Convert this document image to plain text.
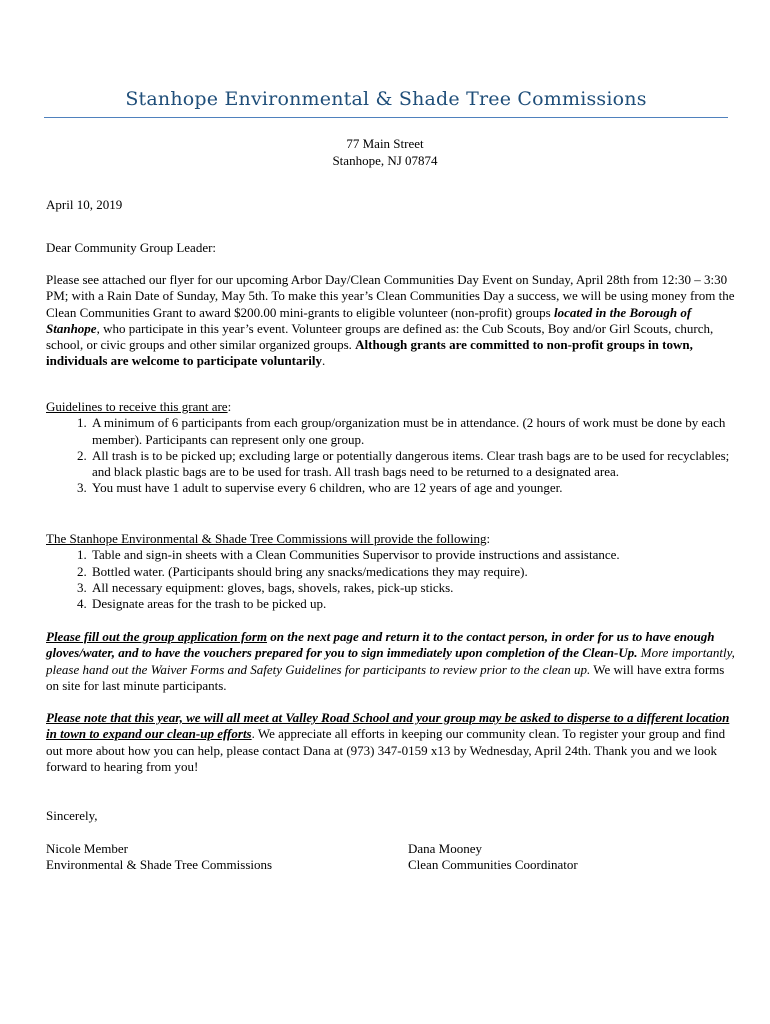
Stanhope Environmental & Shade Tree Commissions
77 Main Street
Stanhope, NJ 07874
April 10, 2019
Dear Community Group Leader:

Please see attached our flyer for our upcoming Arbor Day/Clean Communities Day Event on Sunday, April 28th from 12:30 – 3:30 PM; with a Rain Date of Sunday, May 5th. To make this year’s Clean Communities Day a success, we will be using money from the Clean Communities Grant to award $200.00 mini-grants to eligible volunteer (non-profit) groups located in the Borough of Stanhope, who participate in this year’s event. Volunteer groups are defined as: the Cub Scouts, Boy and/or Girl Scouts, church, school, or civic groups and other similar organized groups. Although grants are committed to non-profit groups in town, individuals are welcome to participate voluntarily.

Guidelines to receive this grant are:
1. A minimum of 6 participants from each group/organization must be in attendance. (2 hours of work must be done by each member). Participants can represent only one group.
2. All trash is to be picked up; excluding large or potentially dangerous items. Clear trash bags are to be used for recyclables; and black plastic bags are to be used for trash. All trash bags need to be returned to a designated area.
3. You must have 1 adult to supervise every 6 children, who are 12 years of age and younger.
The Stanhope Environmental & Shade Tree Commissions will provide the following:
1. Table and sign-in sheets with a Clean Communities Supervisor to provide instructions and assistance.
2. Bottled water. (Participants should bring any snacks/medications they may require).
3. All necessary equipment: gloves, bags, shovels, rakes, pick-up sticks.
4. Designate areas for the trash to be picked up.

Please fill out the group application form on the next page and return it to the contact person, in order for us to have enough gloves/water, and to have the vouchers prepared for you to sign immediately upon completion of the Clean-Up. More importantly, please hand out the Waiver Forms and Safety Guidelines for participants to review prior to the clean up. We will have extra forms on site for last minute participants.

Please note that this year, we will all meet at Valley Road School and your group may be asked to disperse to a different location in town to expand our clean-up efforts. We appreciate all efforts in keeping our community clean. To register your group and find out more about how you can help, please contact Dana at (973) 347-0159 x13 by Wednesday, April 24th. Thank you and we look forward to hearing from you!

Sincerely,
Nicole Member
Environmental & Shade Tree Commissions
Dana Mooney
Clean Communities Coordinator
